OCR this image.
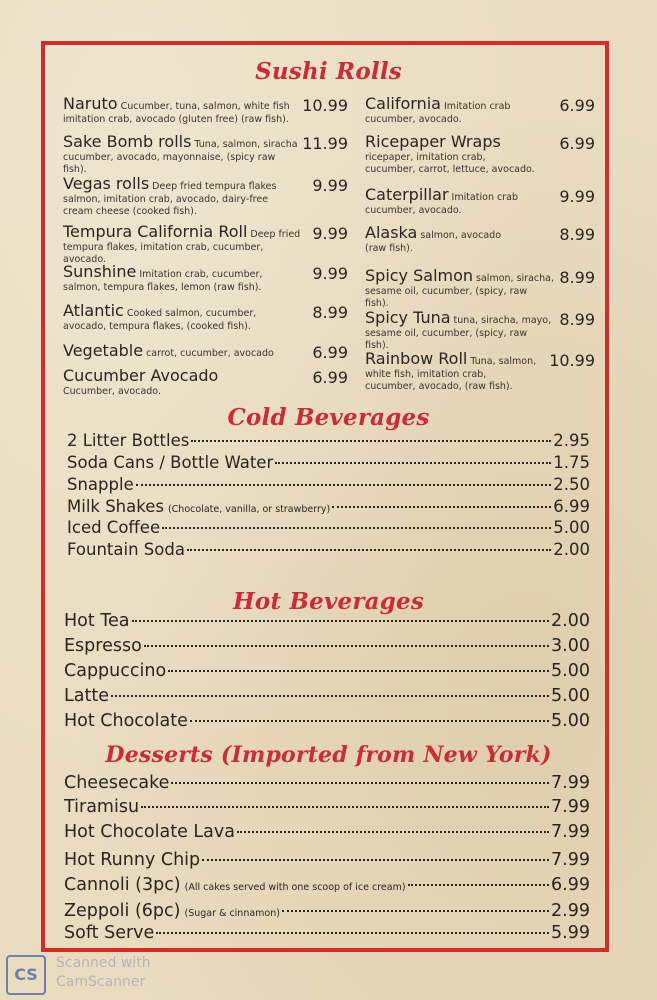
Sushi Rolls
Naruto Cucumber, tuna, salmon, white fish 10.99
imitation crab, avocado (gluten free) (raw fish).
Sake Bomb rolls Tuna, salmon, siracha 11.99
cucumber, avocado, mayonnaise, (spicy raw fish).
Vegas rolls Deep fried tempura flakes	9.99
salmon, imitation crab, avocado, dairy-free cream cheese (cooked fish).
Tempura California Roll Deep fried 9.99
tempura flakes, imitation crab, cucumber, avocado.
Sunshine Imitation crab, cucumber,	9.99
salmon, tempura flakes, lemon (raw fish).
Atlantic Cooked salmon, cucumber,	8.99
avocado, tempura flakes, (cooked fish).
Vegetable carrot, cucumber, avocado	6.99
Cucumber Avocado	6.99
Cucumber, avocado.
California Imitation crab	6.99
cucumber, avocado.
Ricepaper Wraps	6.99
ricepaper, imitation crab, cucumber, carrot, lettuce, avocado.
Caterpillar Imitation crab	9.99
cucumber, avocado.
Alaska salmon, avocado	8.99
(raw fish).
Spicy Salmon salmon, siracha, 8.99
sesame oil, cucumber, (spicy, raw fish).
Spicy Tuna tuna, siracha, mayo, 8.99
sesame oil, cucumber, (spicy, raw fish).
Rainbow Roll Tuna, salmon, 10.99
white fish, imitation crab, cucumber, avocado, (raw fish).
Cold Beverages
2 Litter Bottles	2.95
Soda Cans / Bottle Water	1.75
Snapple	2.50
Milk Shakes (Chocolate, vanilla, or strawberry)	6.99
Iced Coffee	5.00
Fountain Soda	2.00
Hot Beverages
Hot Tea	2.00
Espresso	3.00
Cappuccino	5.00
Latte	5.00
Hot Chocolate	5.00
Desserts (Imported from New York)
Cheesecake	7.99
Tiramisu	7.99
Hot Chocolate Lava	7.99
Hot Runny Chip	7.99
Cannoli (3pc) (All cakes served with one scoop of ice cream)	6.99
Zeppoli (6pc) (Sugar & cinnamon)	2.99
Soft Serve	5.99
CS
Scanned with
CamScanner
